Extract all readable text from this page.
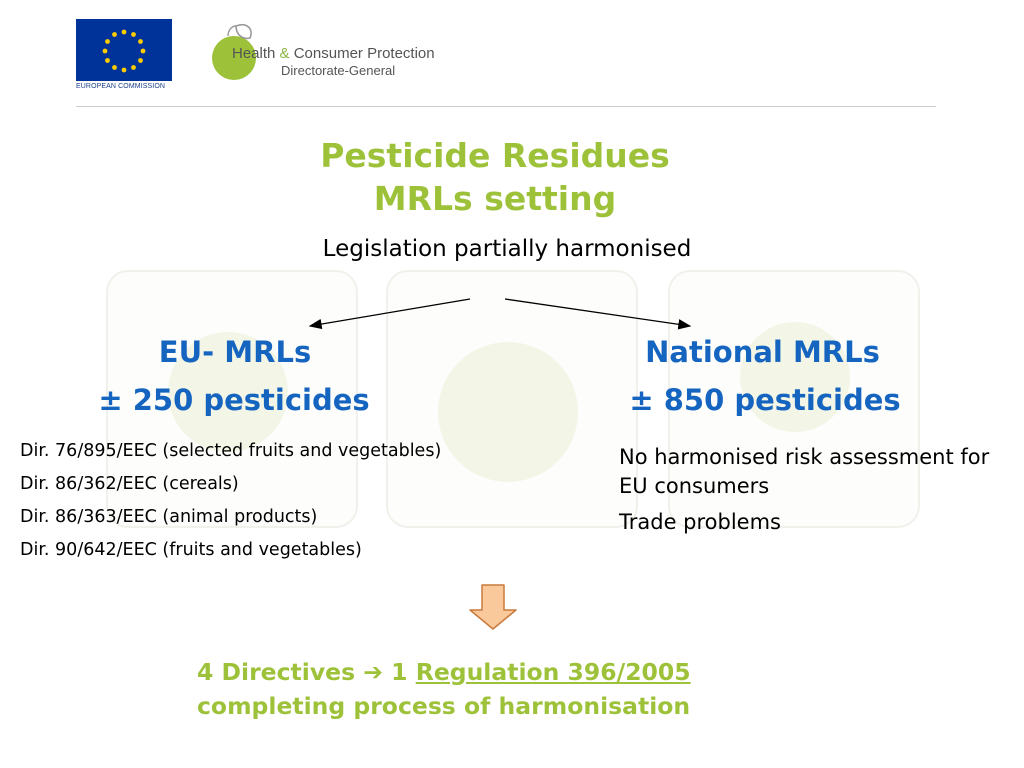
EUROPEAN COMMISSION
Health & Consumer Protection
Directorate-General
Pesticide Residues
MRLs setting
Legislation partially harmonised
EU- MRLs
± 250 pesticides
National MRLs
± 850 pesticides
Dir. 76/895/EEC (selected fruits and vegetables)
Dir. 86/362/EEC (cereals)
Dir. 86/363/EEC (animal products)
Dir. 90/642/EEC (fruits and vegetables)
No harmonised risk assessment for EU consumers
Trade problems
4 Directives ➔ 1 Regulation 396/2005
completing process of harmonisation
